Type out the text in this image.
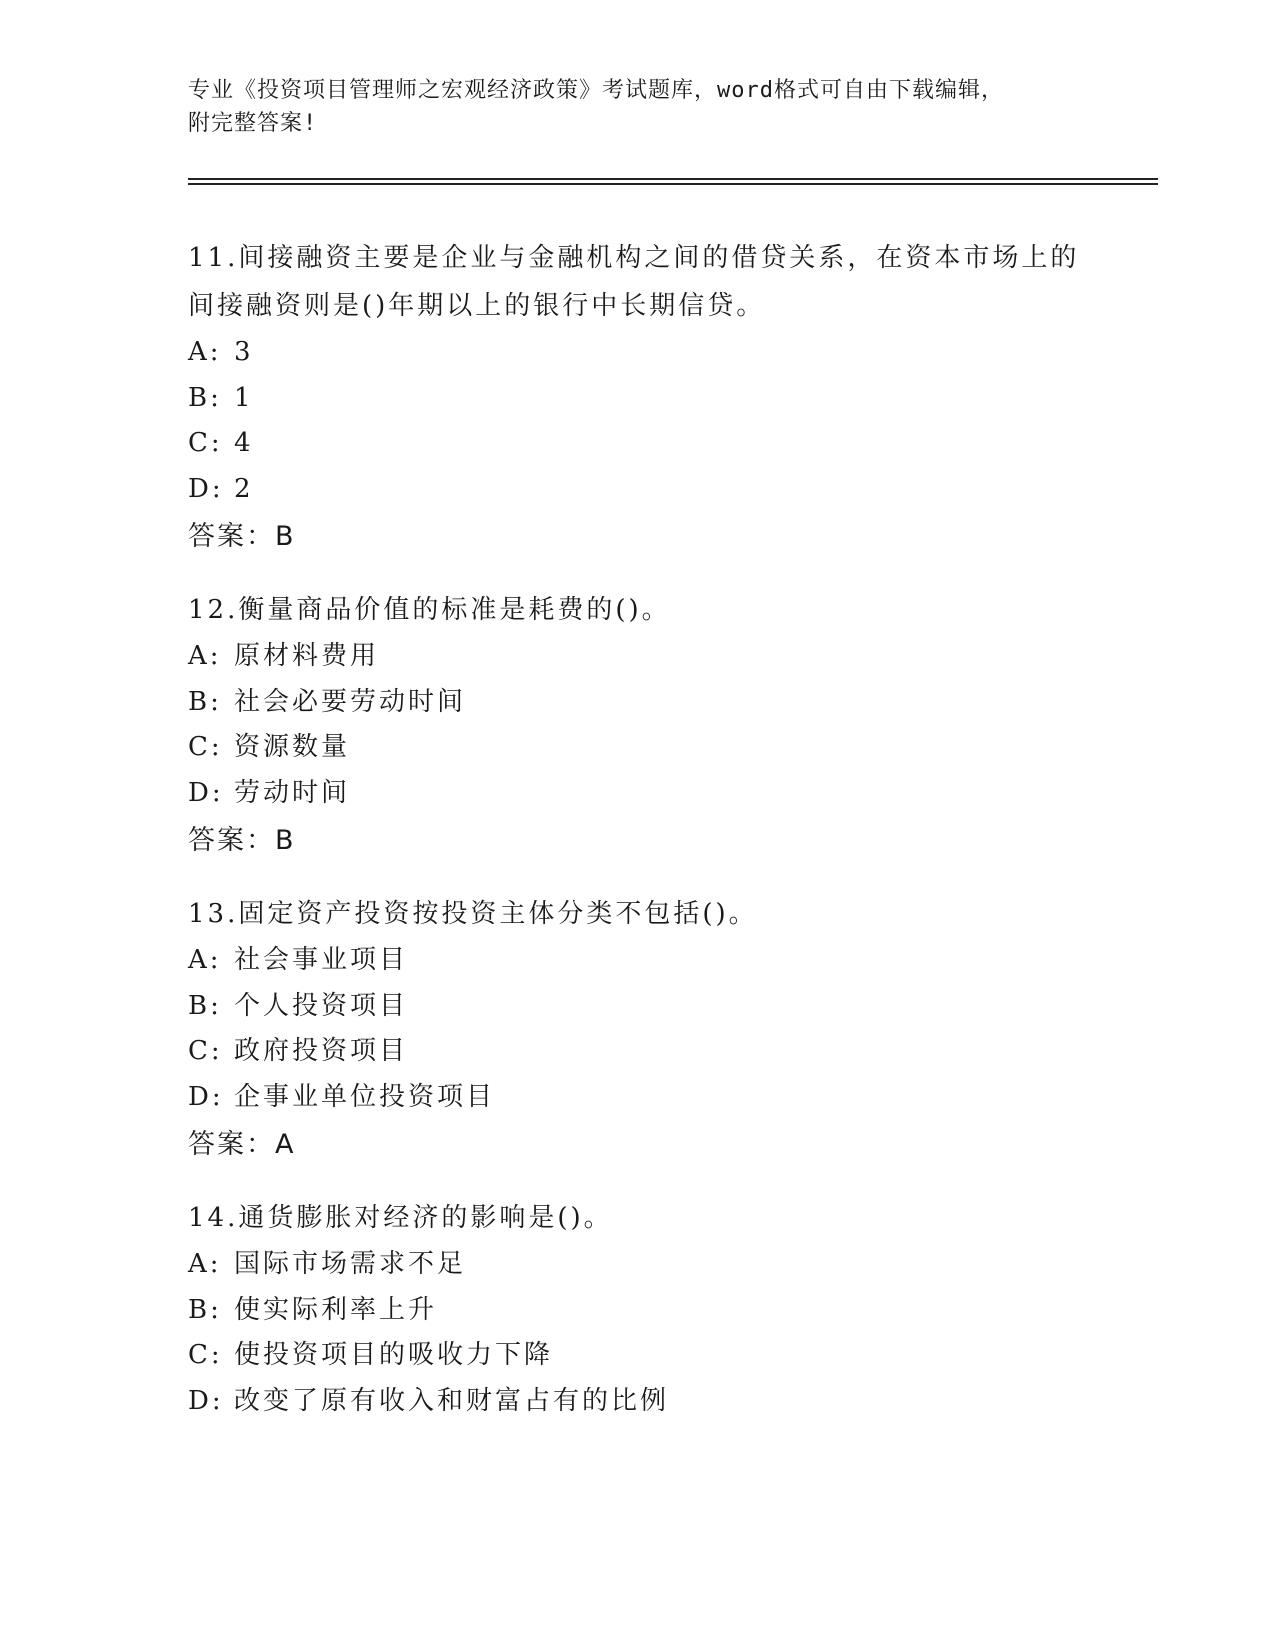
专业《投资项目管理师之宏观经济政策》考试题库，word格式可自由下载编辑，
附完整答案!

11.间接融资主要是企业与金融机构之间的借贷关系，在资本市场上的
间接融资则是()年期以上的银行中长期信贷。

A: 3
B: 1
C: 4
D: 2
答案：B

12.衡量商品价值的标准是耗费的()。

A: 原材料费用
B: 社会必要劳动时间
C: 资源数量
D: 劳动时间
答案：B

13.固定资产投资按投资主体分类不包括()。

A: 社会事业项目
B: 个人投资项目
C: 政府投资项目
D: 企事业单位投资项目
答案：A

14.通货膨胀对经济的影响是()。

A: 国际市场需求不足
B: 使实际利率上升
C: 使投资项目的吸收力下降
D: 改变了原有收入和财富占有的比例
